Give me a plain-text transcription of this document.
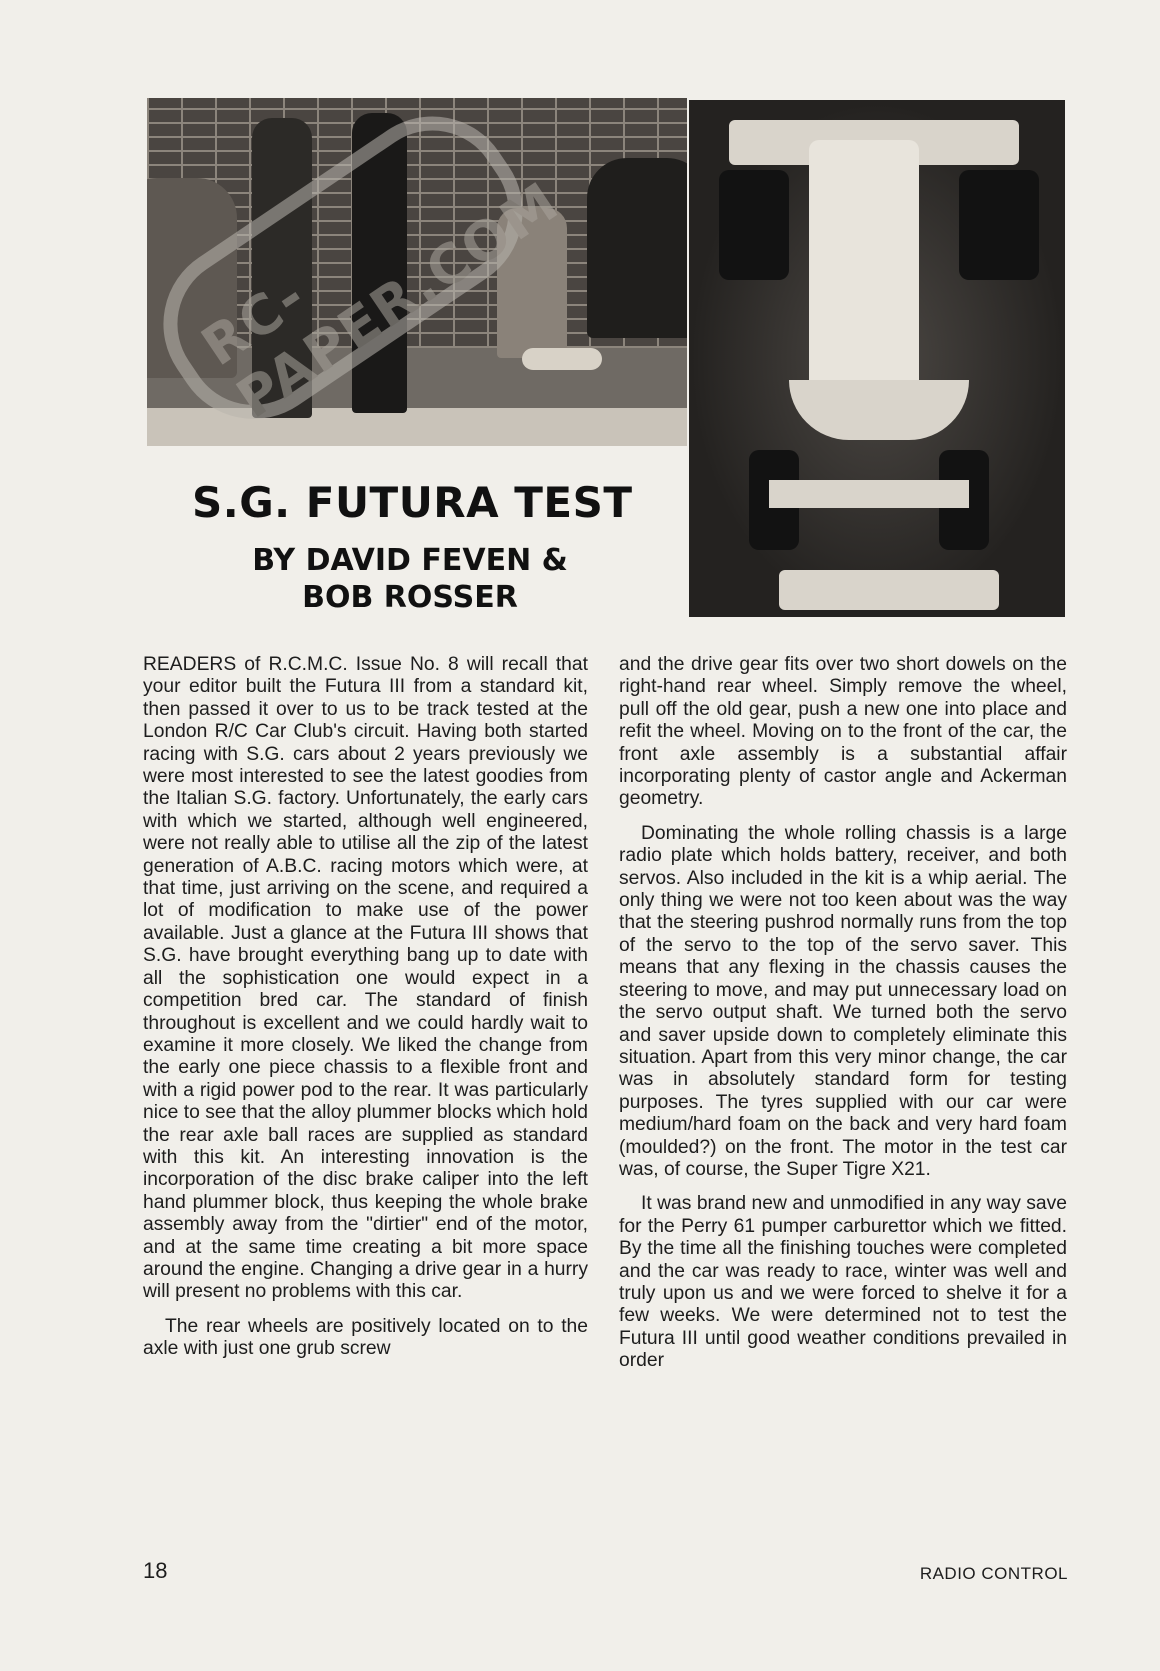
RC-PAPER.COM
S.G. FUTURA TEST
BY DAVID FEVEN &
BOB ROSSER

READERS of R.C.M.C. Issue No. 8 will recall that your editor built the Futura III from a standard kit, then passed it over to us to be track tested at the London R/C Car Club's circuit. Having both started racing with S.G. cars about 2 years previously we were most interested to see the latest goodies from the Italian S.G. factory. Unfortunately, the early cars with which we started, although well engineered, were not really able to utilise all the zip of the latest generation of A.B.C. racing motors which were, at that time, just arriving on the scene, and required a lot of modification to make use of the power available. Just a glance at the Futura III shows that S.G. have brought everything bang up to date with all the sophistication one would expect in a competition bred car. The standard of finish throughout is excellent and we could hardly wait to examine it more closely. We liked the change from the early one piece chassis to a flexible front and with a rigid power pod to the rear. It was particularly nice to see that the alloy plummer blocks which hold the rear axle ball races are supplied as standard with this kit. An interesting innovation is the incorporation of the disc brake caliper into the left hand plummer block, thus keeping the whole brake assembly away from the "dirtier" end of the motor, and at the same time creating a bit more space around the engine. Changing a drive gear in a hurry will present no problems with this car.

The rear wheels are positively located on to the axle with just one grub screw

and the drive gear fits over two short dowels on the right-hand rear wheel. Simply remove the wheel, pull off the old gear, push a new one into place and refit the wheel. Moving on to the front of the car, the front axle assembly is a substantial affair incorporating plenty of castor angle and Ackerman geometry.

Dominating the whole rolling chassis is a large radio plate which holds battery, receiver, and both servos. Also included in the kit is a whip aerial. The only thing we were not too keen about was the way that the steering pushrod normally runs from the top of the servo to the top of the servo saver. This means that any flexing in the chassis causes the steering to move, and may put unnecessary load on the servo output shaft. We turned both the servo and saver upside down to completely eliminate this situation. Apart from this very minor change, the car was in absolutely standard form for testing purposes. The tyres supplied with our car were medium/hard foam on the back and very hard foam (moulded?) on the front. The motor in the test car was, of course, the Super Tigre X21.

It was brand new and unmodified in any way save for the Perry 61 pumper carburettor which we fitted. By the time all the finishing touches were completed and the car was ready to race, winter was well and truly upon us and we were forced to shelve it for a few weeks. We were determined not to test the Futura III until good weather conditions prevailed in order

18	RADIO CONTROL
